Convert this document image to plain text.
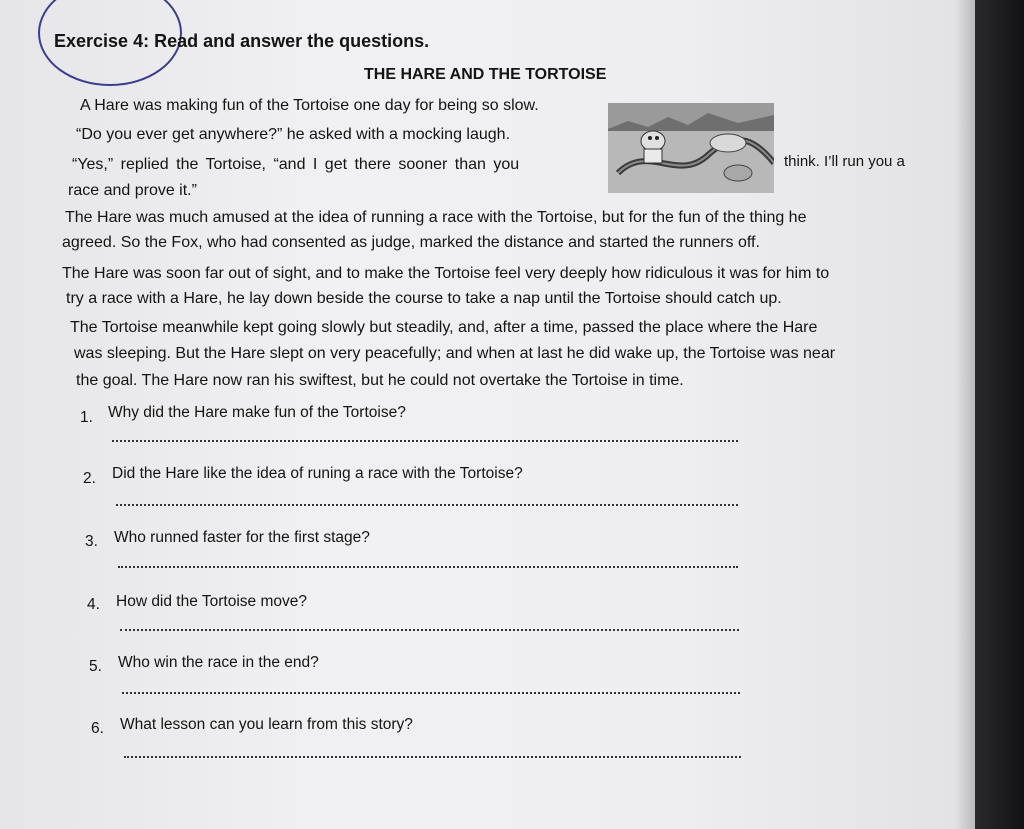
Exercise 4: Read and answer the questions.
THE HARE AND THE TORTOISE
A Hare was making fun of the Tortoise one day for being so slow.
“Do you ever get anywhere?” he asked with a mocking laugh.
“Yes,” replied the Tortoise, “and I get there sooner than you	think. I’ll run you a
race and prove it.”
The Hare was much amused at the idea of running a race with the Tortoise, but for the fun of the thing he
agreed. So the Fox, who had consented as judge, marked the distance and started the runners off.
The Hare was soon far out of sight, and to make the Tortoise feel very deeply how ridiculous it was for him to
try a race with a Hare, he lay down beside the course to take a nap until the Tortoise should catch up.
The Tortoise meanwhile kept going slowly but steadily, and, after a time, passed the place where the Hare
was sleeping. But the Hare slept on very peacefully; and when at last he did wake up, the Tortoise was near
the goal. The Hare now ran his swiftest, but he could not overtake the Tortoise in time.
1. Why did the Hare make fun of the Tortoise?
2. Did the Hare like the idea of runing a race with the Tortoise?
3. Who runned faster for the first stage?
4. How did the Tortoise move?
5. Who win the race in the end?
6. What lesson can you learn from this story?
